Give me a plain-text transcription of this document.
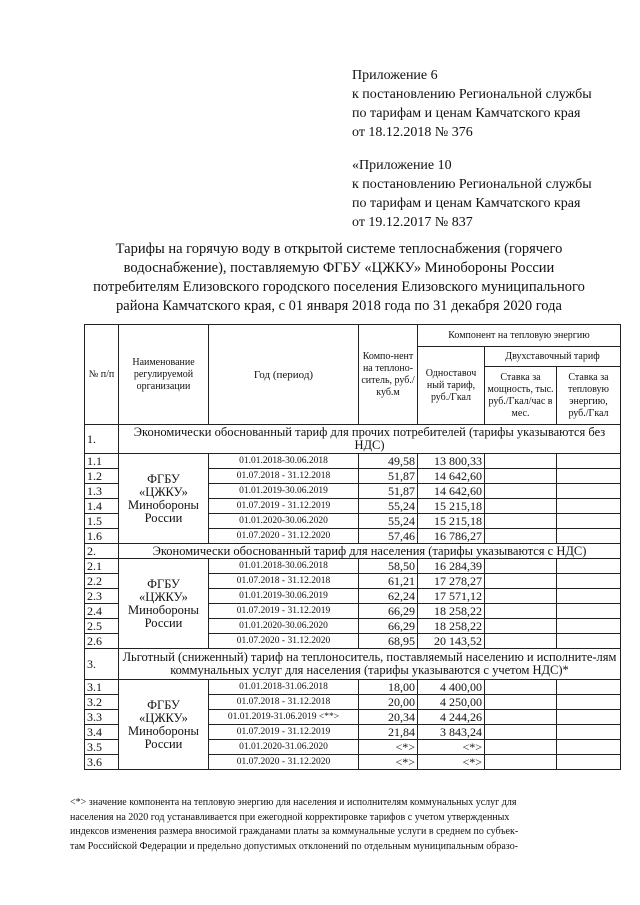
Приложение 6
к постановлению Региональной службы
по тарифам и ценам Камчатского края
от 18.12.2018 № 376
«Приложение 10
к постановлению Региональной службы
по тарифам и ценам Камчатского края
от 19.12.2017 № 837
Тарифы на горячую воду в открытой системе теплоснабжения (горячего
водоснабжение), поставляемую ФГБУ «ЦЖКУ» Минобороны России
потребителям Елизовского городского поселения Елизовского муниципального
района Камчатского края, с 01 января 2018 года по 31 декабря 2020 года
№ п/п	Наименование регулируемой организации	Год (период)	Компо-нент на теплоно-ситель, руб./куб.м	Компонент на тепловую энергию		
				Одноставоч ный тариф, руб./Гкал	Двухставочный тариф	
					Ставка за мощность, тыс. руб./Гкал/час в мес.	Ставка за тепловую энергию, руб./Гкал
1.	Экономически обоснованный тариф для прочих потребителей (тарифы указываются без НДС)					
1.1	ФГБУ
«ЦЖКУ»
Минобороны
России	01.01.2018-30.06.2018	49,58	13 800,33		
1.2		01.07.2018 - 31.12.2018	51,87	14 642,60		
1.3		01.01.2019-30.06.2019	51,87	14 642,60		
1.4		01.07.2019 - 31.12.2019	55,24	15 215,18		
1.5		01.01.2020-30.06.2020	55,24	15 215,18		
1.6		01.07.2020 - 31.12.2020	57,46	16 786,27		
2.	Экономически обоснованный тариф для населения (тарифы указываются с НДС)					
2.1	ФГБУ
«ЦЖКУ»
Минобороны
России	01.01.2018-30.06.2018	58,50	16 284,39		
2.2		01.07.2018 - 31.12.2018	61,21	17 278,27		
2.3		01.01.2019-30.06.2019	62,24	17 571,12		
2.4		01.07.2019 - 31.12.2019	66,29	18 258,22		
2.5		01.01.2020-30.06.2020	66,29	18 258,22		
2.6		01.07.2020 - 31.12.2020	68,95	20 143,52		
3.	Льготный (сниженный) тариф на теплоноситель, поставляемый населению и исполните-лям коммунальных услуг для населения (тарифы указываются с учетом НДС)*					
3.1	ФГБУ
«ЦЖКУ»
Минобороны
России	01.01.2018-31.06.2018	18,00	4 400,00		
3.2		01.07.2018 - 31.12.2018	20,00	4 250,00		
3.3		01.01.2019-31.06.2019 <**>	20,34	4 244,26		
3.4		01.07.2019 - 31.12.2019	21,84	3 843,24		
3.5		01.01.2020-31.06.2020	<*>	<*>		
3.6		01.07.2020 - 31.12.2020	<*>	<*>		
<*> значение компонента на тепловую энергию для населения и исполнителям коммунальных услуг для
населения на 2020 год устанавливается при ежегодной корректировке тарифов с учетом утвержденных
индексов изменения размера вносимой гражданами платы за коммунальные услуги в среднем по субъек-
там Российской Федерации и предельно допустимых отклонений по отдельным муниципальным образо-
